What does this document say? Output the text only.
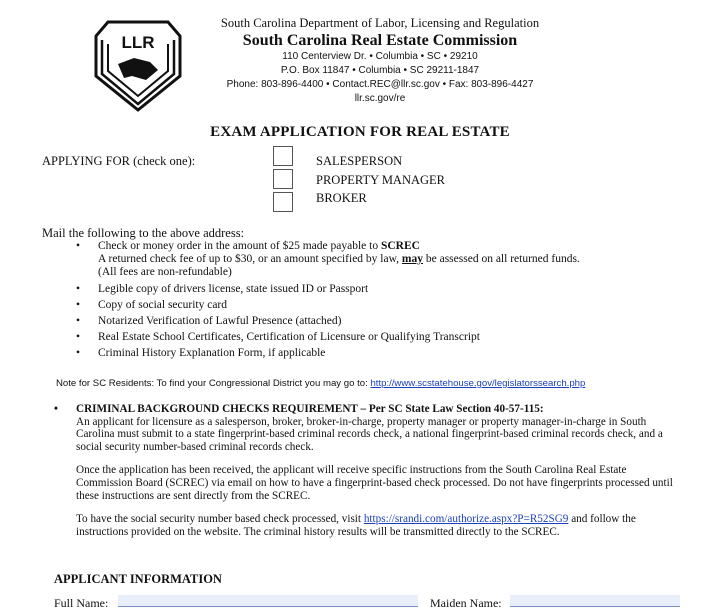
LLR
South Carolina Department of Labor, Licensing and Regulation
South Carolina Real Estate Commission
110 Centerview Dr. • Columbia • SC • 29210
P.O. Box 11847 • Columbia • SC 29211-1847
Phone: 803-896-4400 • Contact.REC@llr.sc.gov • Fax: 803-896-4427
llr.sc.gov/re
EXAM APPLICATION FOR REAL ESTATE
APPLYING FOR (check one):	SALESPERSON
PROPERTY MANAGER
BROKER
Mail the following to the above address:
• Check or money order in the amount of $25 made payable to SCREC
A returned check fee of up to $30, or an amount specified by law, may be assessed on all returned funds.
(All fees are non-refundable)
• Legible copy of drivers license, state issued ID or Passport
• Copy of social security card
• Notarized Verification of Lawful Presence (attached)
• Real Estate School Certificates, Certification of Licensure or Qualifying Transcript
• Criminal History Explanation Form, if applicable
Note for SC Residents: To find your Congressional District you may go to: http://www.scstatehouse.gov/legislatorssearch.php
• CRIMINAL BACKGROUND CHECKS REQUIREMENT – Per SC State Law Section 40-57-115:

An applicant for licensure as a salesperson, broker, broker-in-charge, property manager or property manager-in-charge in South Carolina must submit to a state fingerprint-based criminal records check, a national fingerprint-based criminal records check, and a social security number-based criminal records check.

Once the application has been received, the applicant will receive specific instructions from the South Carolina Real Estate Commission Board (SCREC) via email on how to have a fingerprint-based check processed. Do not have fingerprints processed until these instructions are sent directly from the SCREC.

To have the social security number based check processed, visit https://srandi.com/authorize.aspx?P=R52SG9 and follow the instructions provided on the website. The criminal history results will be transmitted directly to the SCREC.

APPLICANT INFORMATION
Full Name:	Maiden Name:
